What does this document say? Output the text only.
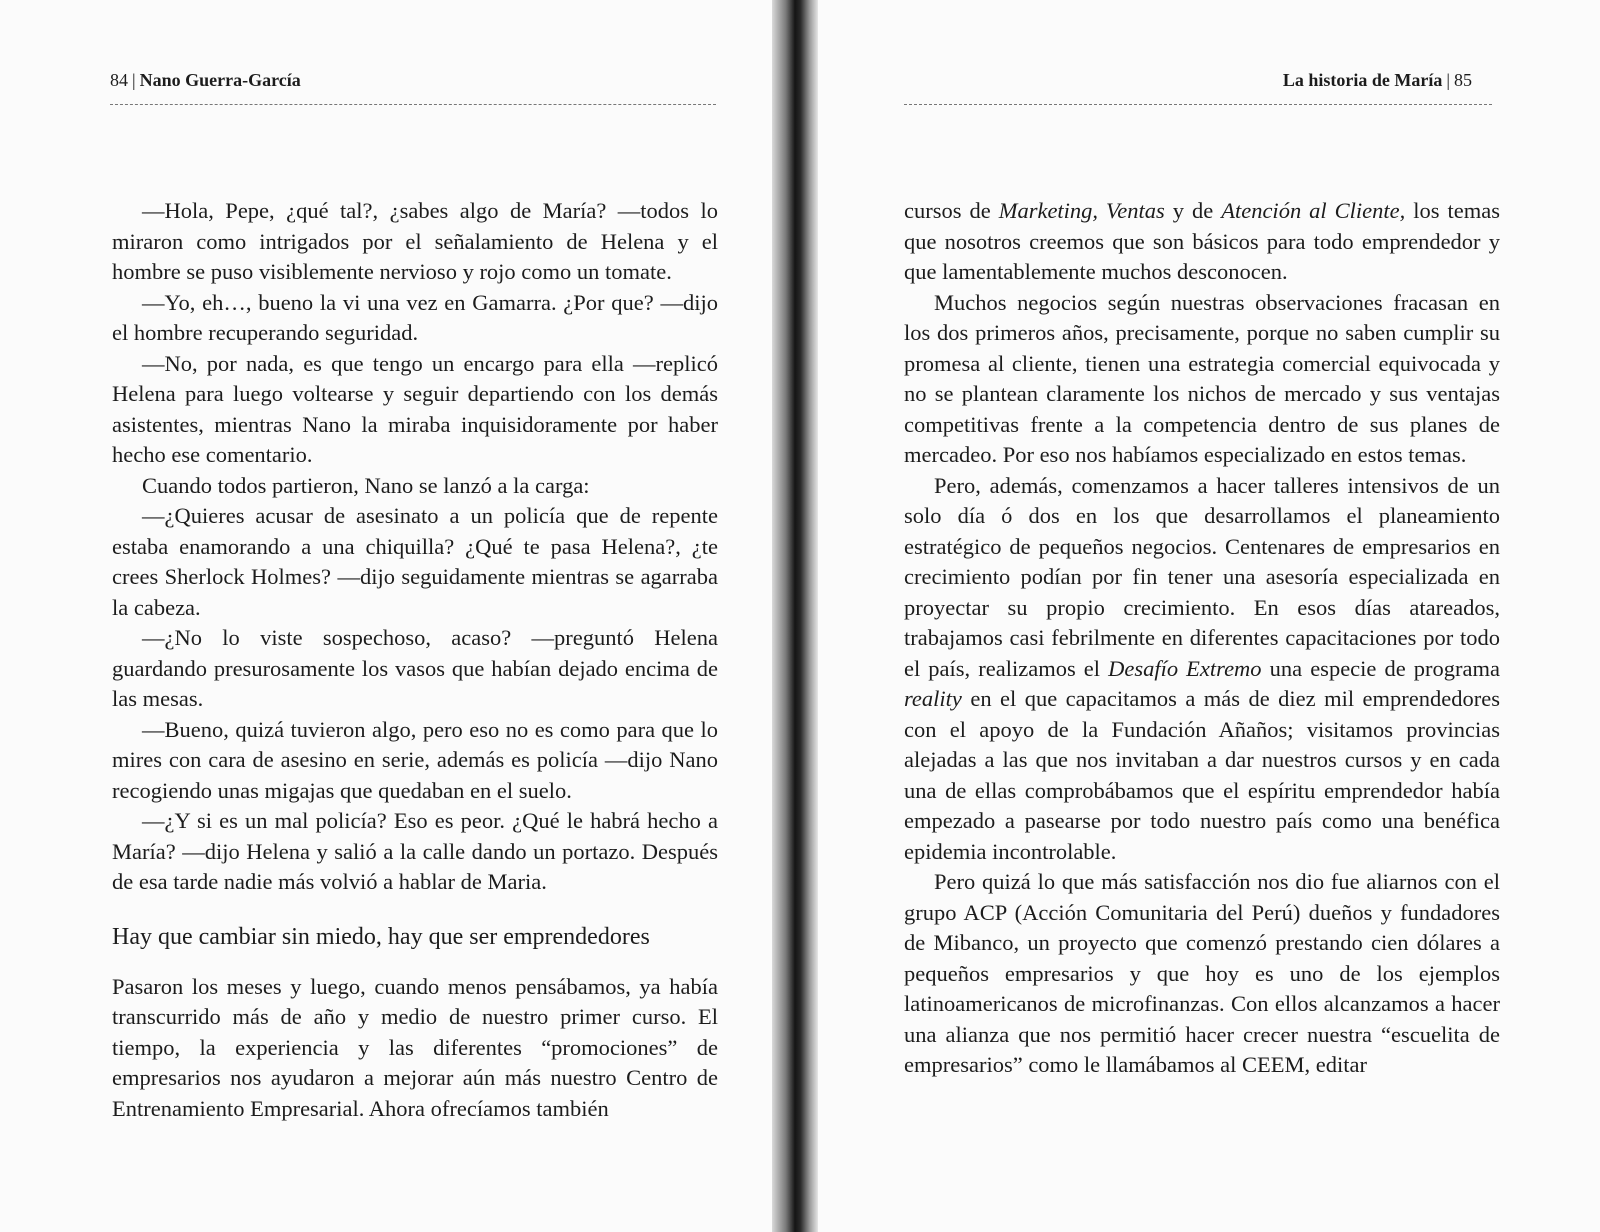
84 | Nano Guerra-García

—Hola, Pepe, ¿qué tal?, ¿sabes algo de María? —todos lo miraron como intrigados por el señalamiento de Helena y el hombre se puso visiblemente nervioso y rojo como un tomate.

—Yo, eh…, bueno la vi una vez en Gamarra. ¿Por que? —dijo el hombre recuperando seguridad.

—No, por nada, es que tengo un encargo para ella —replicó Helena para luego voltearse y seguir departiendo con los demás asistentes, mientras Nano la miraba inquisidoramente por haber hecho ese comentario.

Cuando todos partieron, Nano se lanzó a la carga:

—¿Quieres acusar de asesinato a un policía que de repente estaba enamorando a una chiquilla? ¿Qué te pasa Helena?, ¿te crees Sherlock Holmes? —dijo seguidamente mientras se agarraba la cabeza.

—¿No lo viste sospechoso, acaso? —preguntó Helena guardando presurosamente los vasos que habían dejado encima de las mesas.

—Bueno, quizá tuvieron algo, pero eso no es como para que lo mires con cara de asesino en serie, además es policía —dijo Nano recogiendo unas migajas que quedaban en el suelo.

—¿Y si es un mal policía? Eso es peor. ¿Qué le habrá hecho a María? —dijo Helena y salió a la calle dando un portazo. Después de esa tarde nadie más volvió a hablar de Maria.

Hay que cambiar sin miedo, hay que ser emprendedores

Pasaron los meses y luego, cuando menos pensábamos, ya había transcurrido más de año y medio de nuestro primer curso. El tiempo, la experiencia y las diferentes “promociones” de empresarios nos ayudaron a mejorar aún más nuestro Centro de Entrenamiento Empresarial. Ahora ofrecíamos también

La historia de María | 85

cursos de Marketing, Ventas y de Atención al Cliente, los temas que nosotros creemos que son básicos para todo emprendedor y que lamentablemente muchos desconocen.

Muchos negocios según nuestras observaciones fracasan en los dos primeros años, precisamente, porque no saben cumplir su promesa al cliente, tienen una estrategia comercial equivocada y no se plantean claramente los nichos de mercado y sus ventajas competitivas frente a la competencia dentro de sus planes de mercadeo. Por eso nos habíamos especializado en estos temas.

Pero, además, comenzamos a hacer talleres intensivos de un solo día ó dos en los que desarrollamos el planeamiento estratégico de pequeños negocios. Centenares de empresarios en crecimiento podían por fin tener una asesoría especializada en proyectar su propio crecimiento. En esos días atareados, trabajamos casi febrilmente en diferentes capacitaciones por todo el país, realizamos el Desafío Extremo una especie de programa reality en el que capacitamos a más de diez mil emprendedores con el apoyo de la Fundación Añaños; visitamos provincias alejadas a las que nos invitaban a dar nuestros cursos y en cada una de ellas comprobábamos que el espíritu emprendedor había empezado a pasearse por todo nuestro país como una benéfica epidemia incontrolable.

Pero quizá lo que más satisfacción nos dio fue aliarnos con el grupo ACP (Acción Comunitaria del Perú) dueños y fundadores de Mibanco, un proyecto que comenzó prestando cien dólares a pequeños empresarios y que hoy es uno de los ejemplos latinoamericanos de microfinanzas. Con ellos alcanzamos a hacer una alianza que nos permitió hacer crecer nuestra “escuelita de empresarios” como le llamábamos al CEEM, editar
